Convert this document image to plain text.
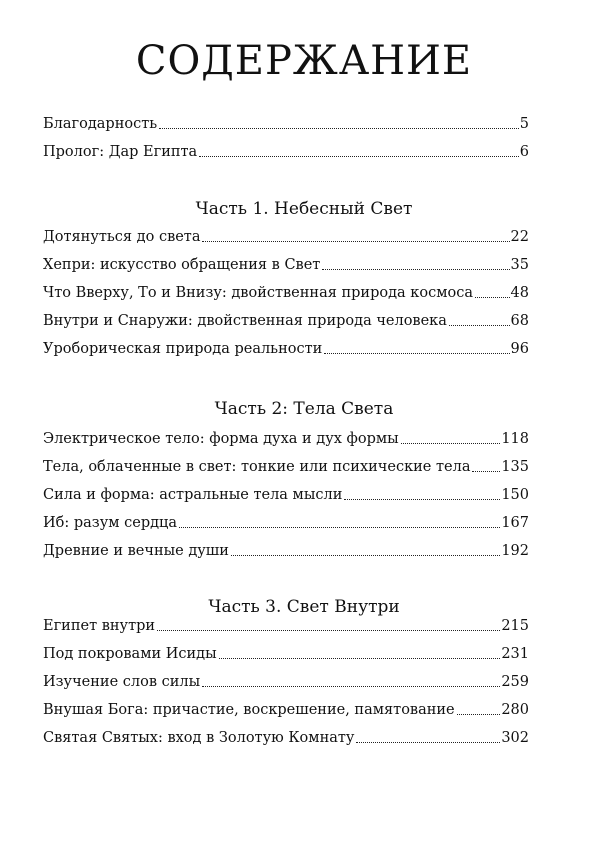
СОДЕРЖАНИЕ
Благодарность	5
Пролог: Дар Египта	6
Часть 1. Небесный Свет
Дотянуться до света	22
Хепри: искусство обращения в Свет	35
Что Вверху, То и Внизу: двойственная природа космоса	48
Внутри и Снаружи: двойственная природа человека	68
Уроборическая природа реальности	96
Часть 2: Тела Света
Электрическое тело: форма духа и дух формы	118
Тела, облаченные в свет: тонкие или психические тела 135
Сила и форма: астральные тела мысли	150
Иб: разум сердца	167
Древние и вечные души	192
Часть 3. Свет Внутри
Египет внутри	215
Под покровами Исиды	231
Изучение слов силы	259
Внушая Бога: причастие, воскрешение, памятование	280
Святая Святых: вход в Золотую Комнату	302
